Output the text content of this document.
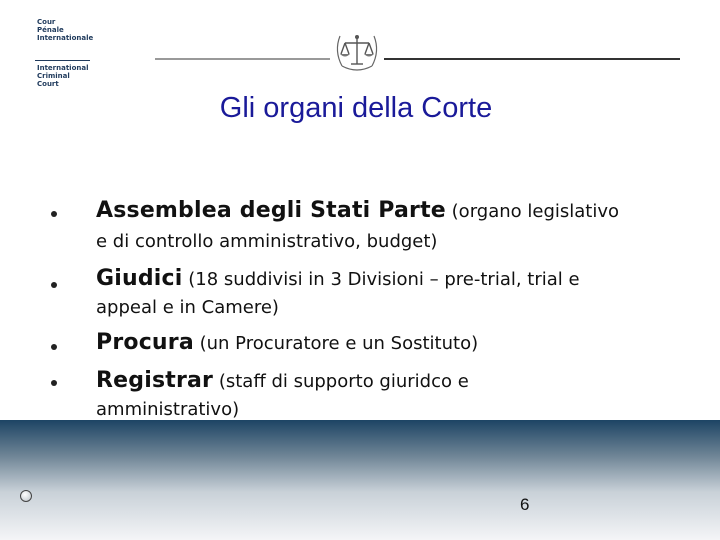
Cour
Pénale
Internationale
International
Criminal
Court
Gli organi della Corte
Assemblea degli Stati Parte (organo legislativo
e di controllo amministrativo, budget)
Giudici (18 suddivisi in 3 Divisioni – pre-trial, trial e
appeal e in Camere)
Procura (un Procuratore e un Sostituto)
Registrar (staff di supporto giuridco e
amministrativo)
6
